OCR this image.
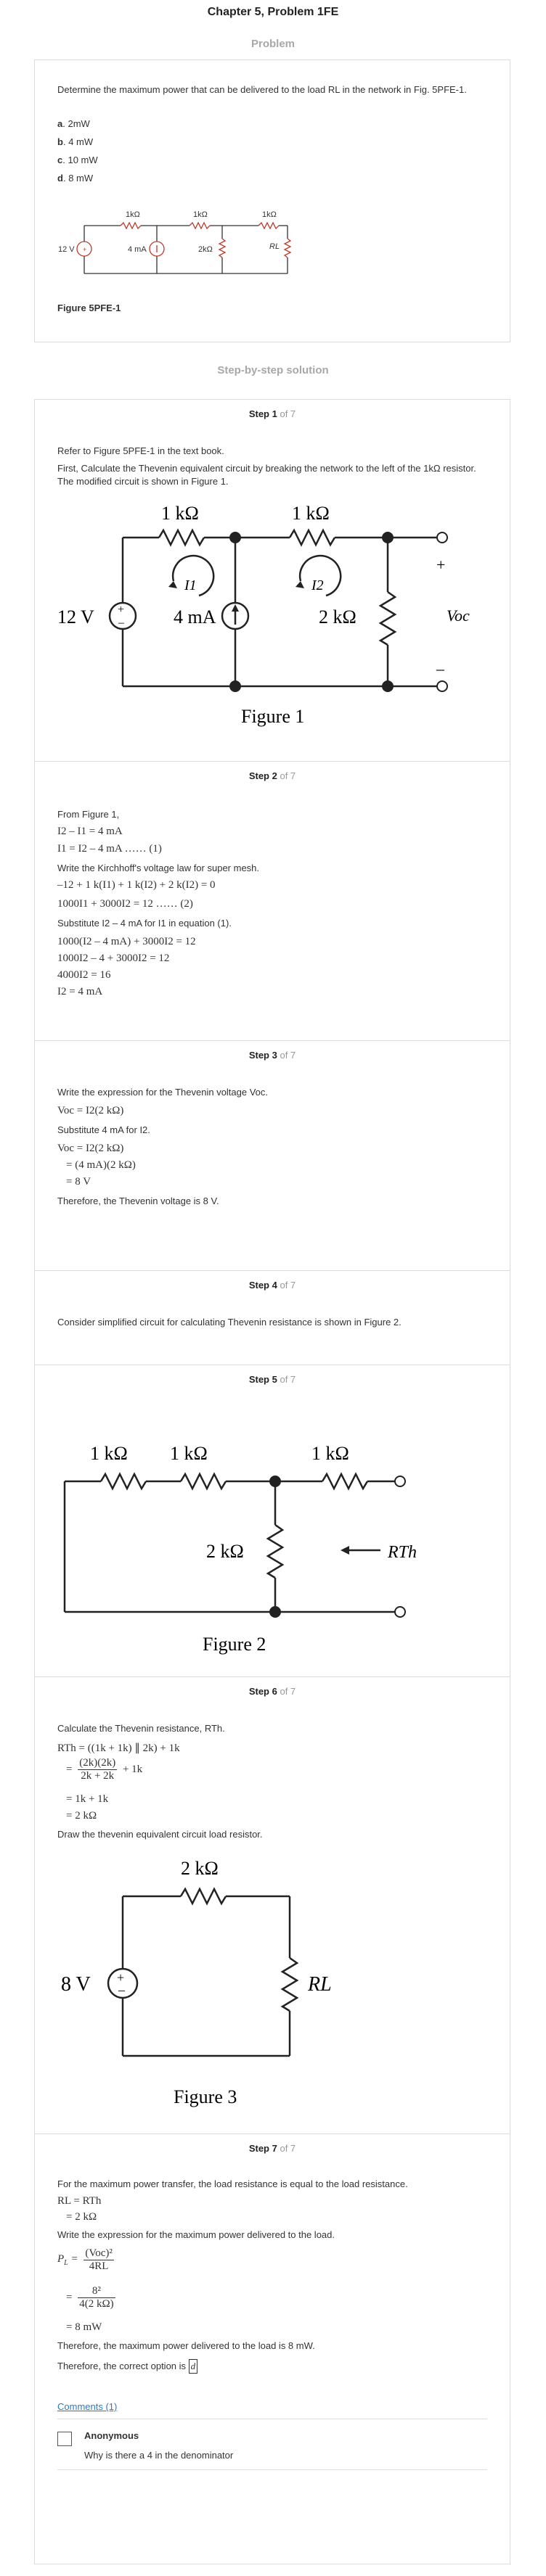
Chapter 5, Problem 1FE
Problem
Determine the maximum power that can be delivered to the load RL in the network in Fig. 5PFE-1.
a. 2mW
b. 4 mW
c. 10 mW
d. 8 mW
+
1kΩ	1kΩ	1kΩ
12 V	4 mA	2kΩ	RL
Figure 5PFE-1
Step-by-step solution
Step 1 of 7
Refer to Figure 5PFE-1 in the text book.
First, Calculate the Thevenin equivalent circuit by breaking the network to the left of the 1kΩ resistor. The modified circuit is shown in Figure 1.
+
–
1 kΩ	1 kΩ
12 V	4 mA	2 kΩ
I1	I2
+
–
Voc
Figure 1
Step 2 of 7
From Figure 1,
I2 – I1 = 4 mA
I1 = I2 – 4 mA …… (1)
Write the Kirchhoff's voltage law for super mesh.
–12 + 1 k(I1) + 1 k(I2) + 2 k(I2) = 0
1000I1 + 3000I2 = 12 …… (2)
Substitute I2 – 4 mA for I1 in equation (1).
1000(I2 – 4 mA) + 3000I2 = 12
1000I2 – 4 + 3000I2 = 12
4000I2 = 16
I2 = 4 mA
Step 3 of 7
Write the expression for the Thevenin voltage Voc.
Voc = I2(2 kΩ)
Substitute 4 mA for I2.
Voc = I2(2 kΩ)
= (4 mA)(2 kΩ)
= 8 V
Therefore, the Thevenin voltage is 8 V.
Step 4 of 7
Consider simplified circuit for calculating Thevenin resistance is shown in Figure 2.
Step 5 of 7
1 kΩ 1 kΩ	1 kΩ
2 kΩ	RTh
Figure 2
Step 6 of 7
Calculate the Thevenin resistance, RTh.
RTh = ((1k + 1k) ∥ 2k) + 1k
= $\frac{(2k)(2k)}{2k + 2k} + 1k$
= 1k + 1k
= 2 kΩ
Draw the thevenin equivalent circuit load resistor.
+
–
2 kΩ
8 V	RL
Figure 3
Step 7 of 7
For the maximum power transfer, the load resistance is equal to the load resistance.
RL = RTh
= 2 kΩ
Write the expression for the maximum power delivered to the load.
$P_L = (Voc)^2$
4RL
= $\frac{\text{8²}}{4(2 k\Omega)}$
= 8 mW
Therefore, the maximum power delivered to the load is 8 mW.
Therefore, the correct option is d
Comments (1)
Anonymous
Why is there a 4 in the denominator
